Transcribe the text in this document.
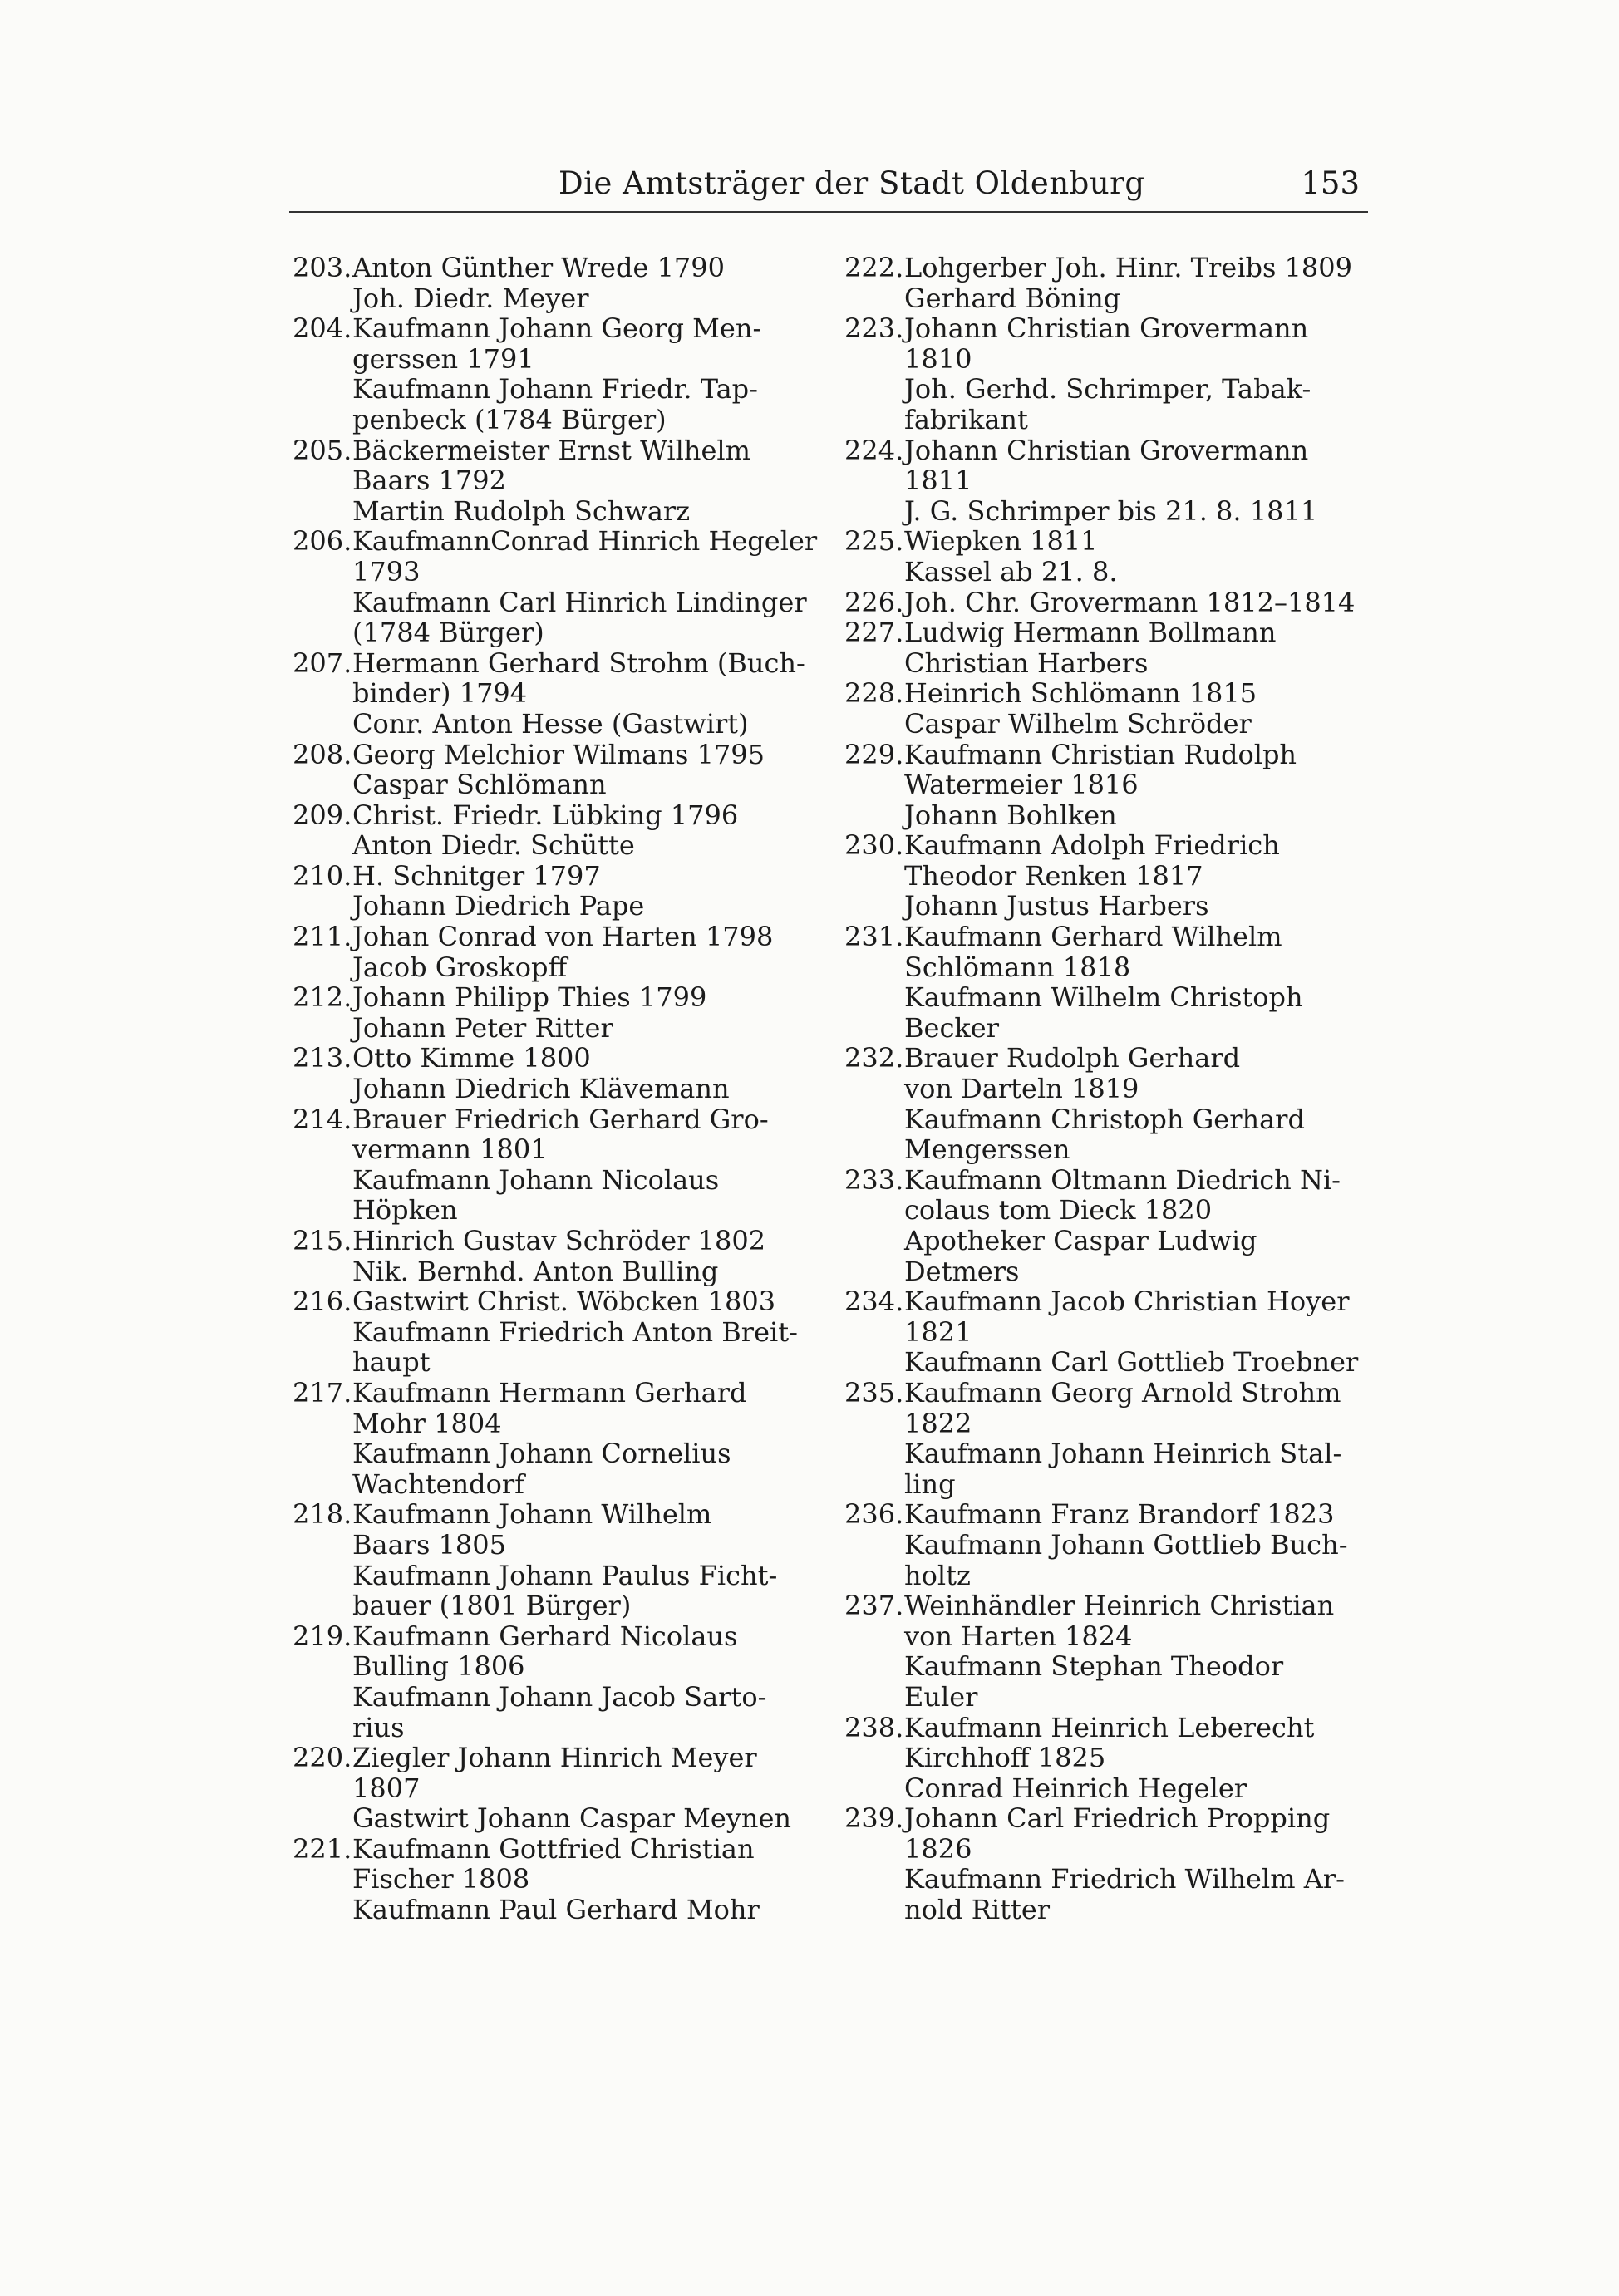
Die Amtsträger der Stadt Oldenburg	153
203.Anton Günther Wrede 1790
Joh. Diedr. Meyer
204.Kaufmann Johann Georg Men-
gerssen 1791
Kaufmann Johann Friedr. Tap-
penbeck (1784 Bürger)
205.Bäckermeister Ernst Wilhelm
Baars 1792
Martin Rudolph Schwarz
206.KaufmannConrad Hinrich Hegeler
1793
Kaufmann Carl Hinrich Lindinger
(1784 Bürger)
207.Hermann Gerhard Strohm (Buch-
binder) 1794
Conr. Anton Hesse (Gastwirt)
208.Georg Melchior Wilmans 1795
Caspar Schlömann
209.Christ. Friedr. Lübking 1796
Anton Diedr. Schütte
210.H. Schnitger 1797
Johann Diedrich Pape
211.Johan Conrad von Harten 1798
Jacob Groskopff
212.Johann Philipp Thies 1799
Johann Peter Ritter
213.Otto Kimme 1800
Johann Diedrich Klävemann
214.Brauer Friedrich Gerhard Gro-
vermann 1801
Kaufmann Johann Nicolaus
Höpken
215.Hinrich Gustav Schröder 1802
Nik. Bernhd. Anton Bulling
216.Gastwirt Christ. Wöbcken 1803
Kaufmann Friedrich Anton Breit-
haupt
217.Kaufmann Hermann Gerhard
Mohr 1804
Kaufmann Johann Cornelius
Wachtendorf
218.Kaufmann Johann Wilhelm
Baars 1805
Kaufmann Johann Paulus Ficht-
bauer (1801 Bürger)
219.Kaufmann Gerhard Nicolaus
Bulling 1806
Kaufmann Johann Jacob Sarto-
rius
220.Ziegler Johann Hinrich Meyer
1807
Gastwirt Johann Caspar Meynen
221.Kaufmann Gottfried Christian
Fischer 1808
Kaufmann Paul Gerhard Mohr
222.Lohgerber Joh. Hinr. Treibs 1809
Gerhard Böning
223.Johann Christian Grovermann
1810
Joh. Gerhd. Schrimper, Tabak-
fabrikant
224.Johann Christian Grovermann
1811
J. G. Schrimper bis 21. 8. 1811
225.Wiepken 1811
Kassel ab 21. 8.
226.Joh. Chr. Grovermann 1812–1814
227.Ludwig Hermann Bollmann
Christian Harbers
228.Heinrich Schlömann 1815
Caspar Wilhelm Schröder
229.Kaufmann Christian Rudolph
Watermeier 1816
Johann Bohlken
230.Kaufmann Adolph Friedrich
Theodor Renken 1817
Johann Justus Harbers
231.Kaufmann Gerhard Wilhelm
Schlömann 1818
Kaufmann Wilhelm Christoph
Becker
232.Brauer Rudolph Gerhard
von Darteln 1819
Kaufmann Christoph Gerhard
Mengerssen
233.Kaufmann Oltmann Diedrich Ni-
colaus tom Dieck 1820
Apotheker Caspar Ludwig
Detmers
234.Kaufmann Jacob Christian Hoyer
1821
Kaufmann Carl Gottlieb Troebner
235.Kaufmann Georg Arnold Strohm
1822
Kaufmann Johann Heinrich Stal-
ling
236.Kaufmann Franz Brandorf 1823
Kaufmann Johann Gottlieb Buch-
holtz
237.Weinhändler Heinrich Christian
von Harten 1824
Kaufmann Stephan Theodor
Euler
238.Kaufmann Heinrich Leberecht
Kirchhoff 1825
Conrad Heinrich Hegeler
239.Johann Carl Friedrich Propping
1826
Kaufmann Friedrich Wilhelm Ar-
nold Ritter
